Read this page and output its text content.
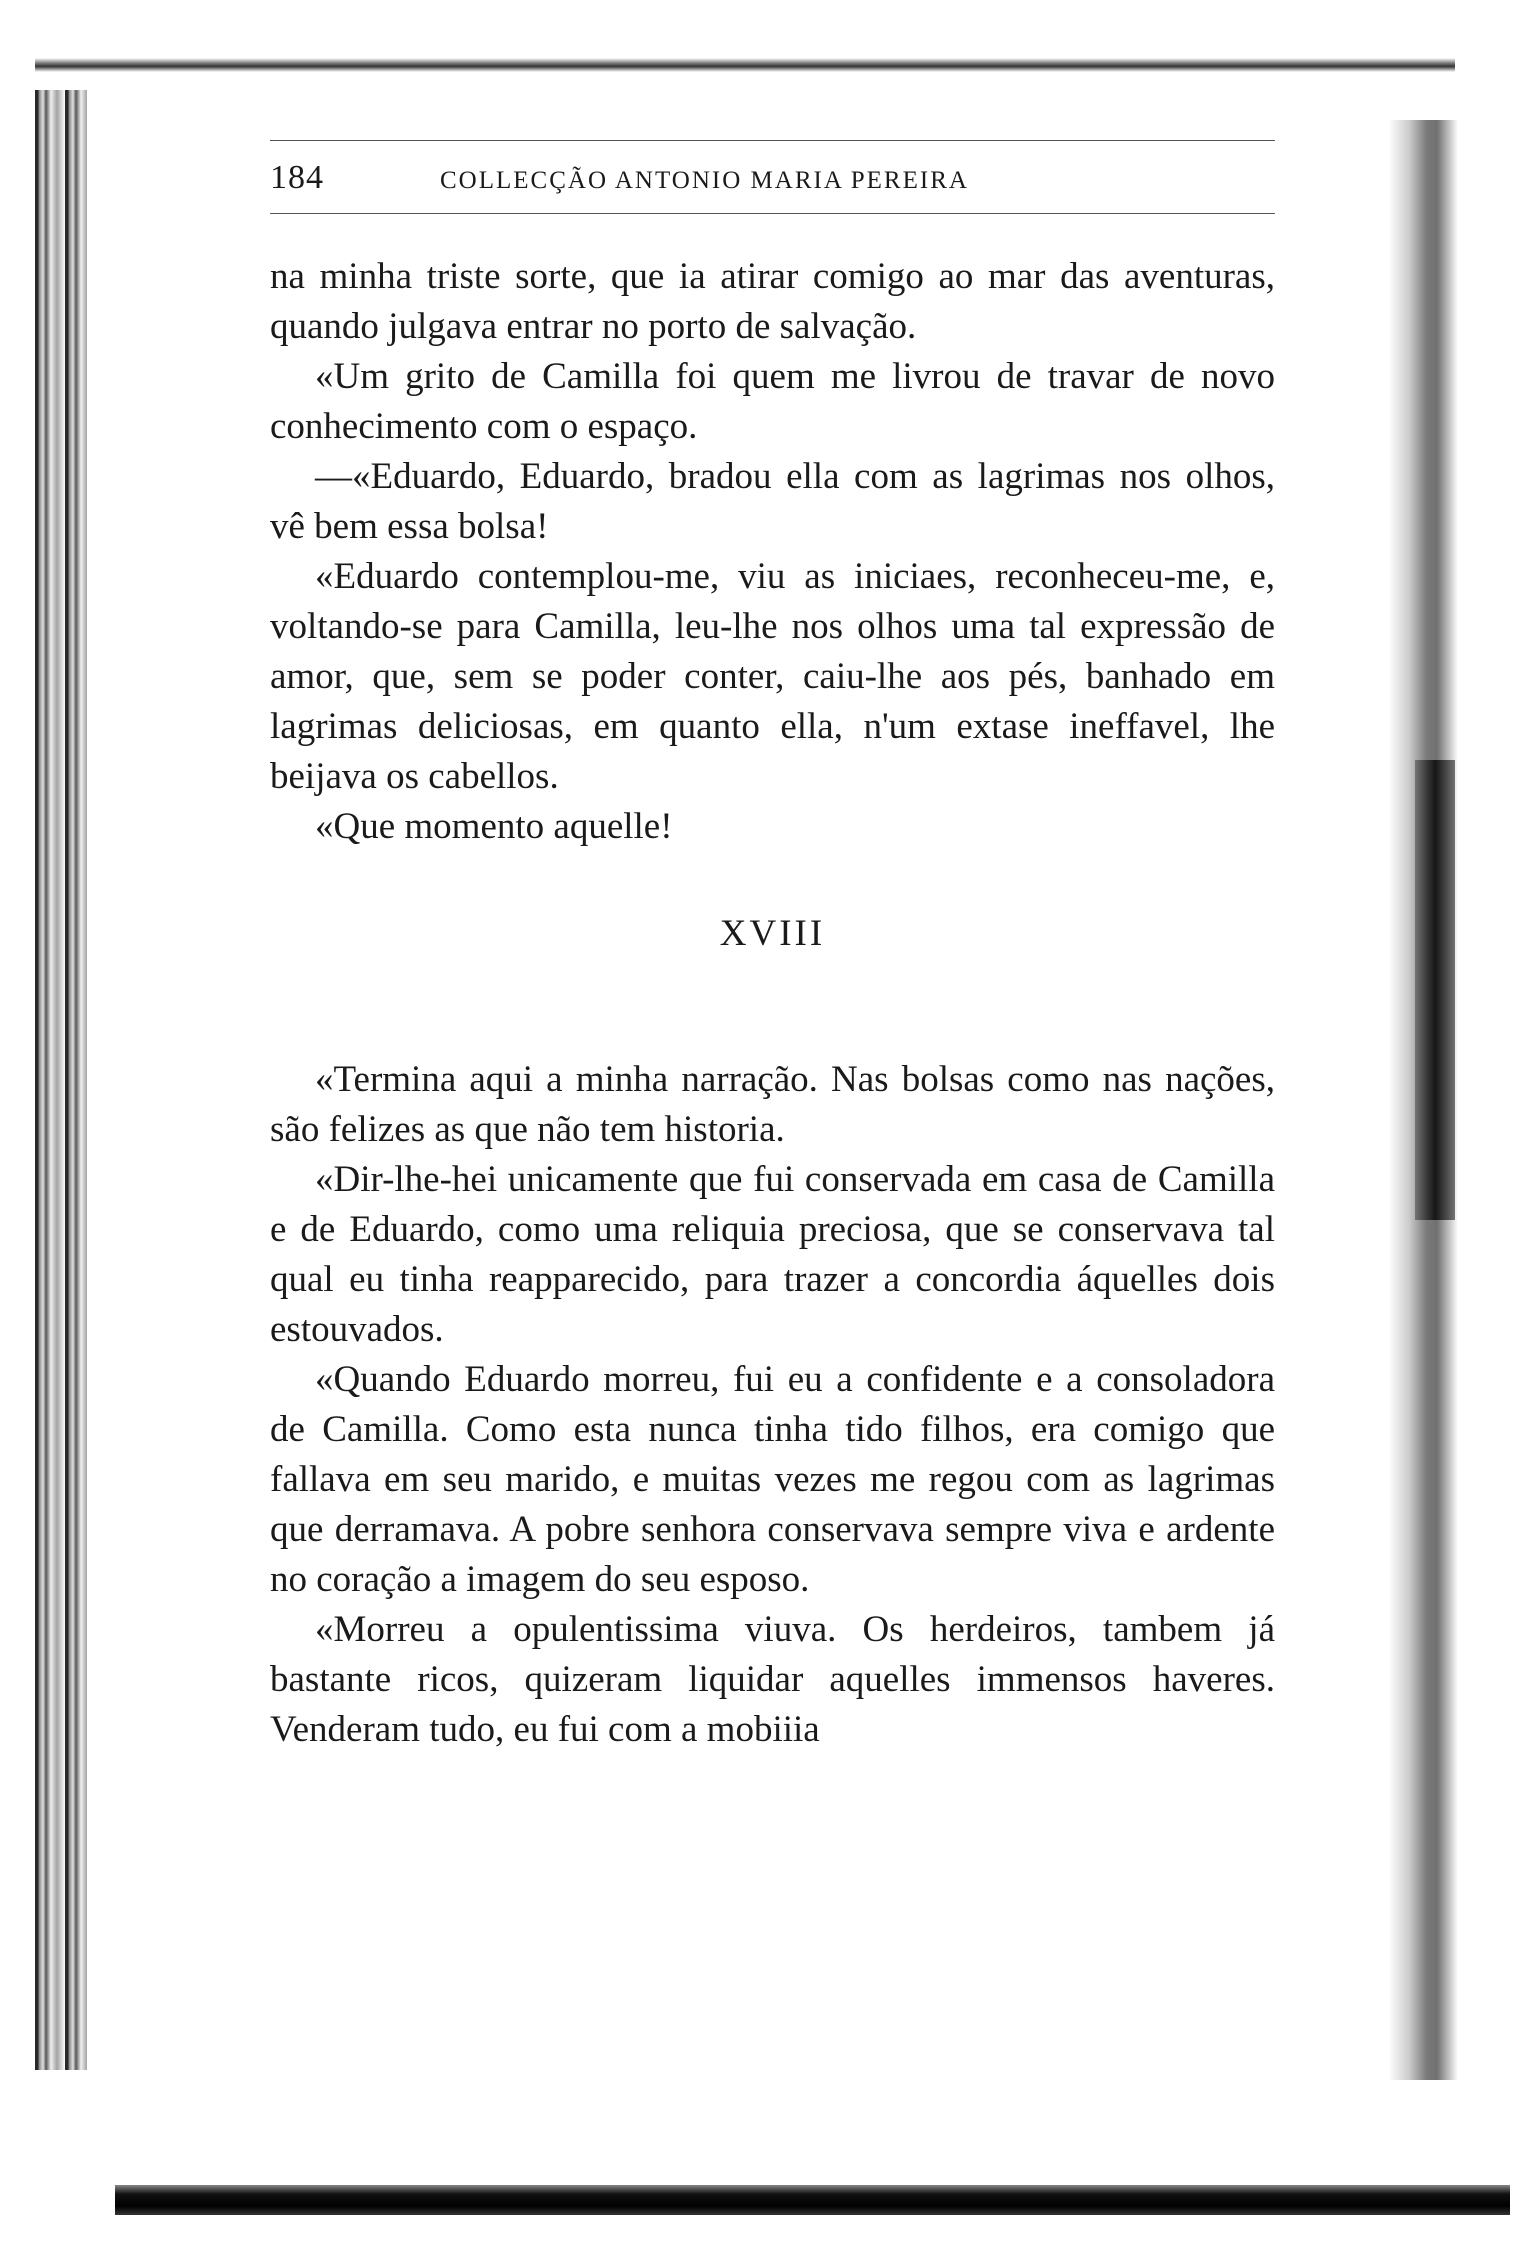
184	COLLECÇÃO ANTONIO MARIA PEREIRA

na minha triste sorte, que ia atirar comigo ao mar das aventuras, quando julgava entrar no porto de salvação.

«Um grito de Camilla foi quem me livrou de travar de novo conhecimento com o espaço.

—«Eduardo, Eduardo, bradou ella com as lagrimas nos olhos, vê bem essa bolsa!

«Eduardo contemplou-me, viu as iniciaes, reconheceu-me, e, voltando-se para Camilla, leu-lhe nos olhos uma tal expressão de amor, que, sem se poder conter, caiu-lhe aos pés, banhado em lagrimas deliciosas, em quanto ella, n'um extase ineffavel, lhe beijava os cabellos.

«Que momento aquelle!

XVIII

«Termina aqui a minha narração. Nas bolsas como nas nações, são felizes as que não tem historia.

«Dir-lhe-hei unicamente que fui conservada em casa de Camilla e de Eduardo, como uma reliquia preciosa, que se conservava tal qual eu tinha reapparecido, para trazer a concordia áquelles dois estouvados.

«Quando Eduardo morreu, fui eu a confidente e a consoladora de Camilla. Como esta nunca tinha tido filhos, era comigo que fallava em seu marido, e muitas vezes me regou com as lagrimas que derramava. A pobre senhora conservava sempre viva e ardente no coração a imagem do seu esposo.

«Morreu a opulentissima viuva. Os herdeiros, tambem já bastante ricos, quizeram liquidar aquelles immensos haveres. Venderam tudo, eu fui com a mobiiia
